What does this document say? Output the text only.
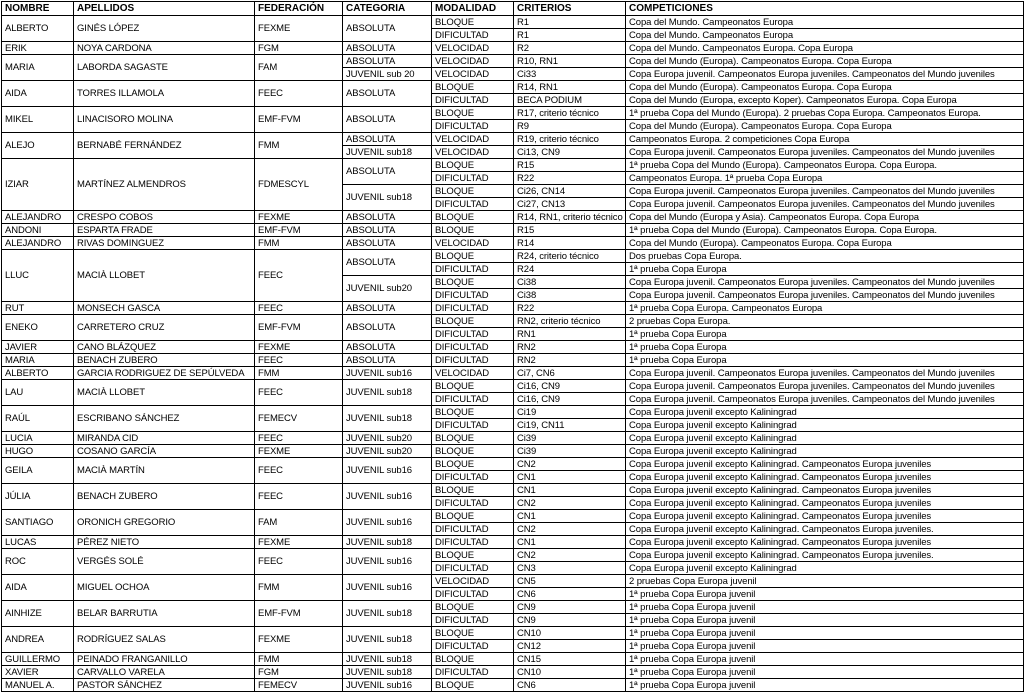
NOMBRE	APELLIDOS	FEDERACIÓN	CATEGORIA	MODALIDAD	CRITERIOS	COMPETICIONES
ALBERTO	GINÉS LÓPEZ	FEXME	ABSOLUTA	BLOQUE	R1	Copa del Mundo. Campeonatos Europa
				DIFICULTAD	R1	Copa del Mundo. Campeonatos Europa
ERIK	NOYA CARDONA	FGM	ABSOLUTA	VELOCIDAD	R2	Copa del Mundo. Campeonatos Europa. Copa Europa
MARIA	LABORDA SAGASTE	FAM	ABSOLUTA	VELOCIDAD	R10, RN1	Copa del Mundo (Europa). Campeonatos Europa. Copa Europa
			JUVENIL sub 20	VELOCIDAD	Ci33	Copa Europa juvenil. Campeonatos Europa juveniles. Campeonatos del Mundo juveniles
AIDA	TORRES ILLAMOLA	FEEC	ABSOLUTA	BLOQUE	R14, RN1	Copa del Mundo (Europa). Campeonatos Europa. Copa Europa
				DIFICULTAD	BECA PODIUM	Copa del Mundo (Europa, excepto Koper). Campeonatos Europa. Copa Europa
MIKEL	LINACISORO MOLINA	EMF-FVM	ABSOLUTA	BLOQUE	R17, criterio técnico	1ª prueba Copa del Mundo (Europa). 2 pruebas Copa Europa. Campeonatos Europa.
				DIFICULTAD	R9	Copa del Mundo (Europa). Campeonatos Europa. Copa Europa
ALEJO	BERNABÉ FERNÁNDEZ	FMM	ABSOLUTA	VELOCIDAD	R19, criterio técnico	Campeonatos Europa. 2 competiciones Copa Europa
			JUVENIL sub18	VELOCIDAD	Ci13, CN9	Copa Europa juvenil. Campeonatos Europa juveniles. Campeonatos del Mundo juveniles
IZIAR	MARTÍNEZ ALMENDROS	FDMESCYL	ABSOLUTA	BLOQUE	R15	1ª prueba Copa del Mundo (Europa). Campeonatos Europa. Copa Europa.
				DIFICULTAD	R22	Campeonatos Europa. 1ª prueba Copa Europa
			JUVENIL sub18	BLOQUE	Ci26, CN14	Copa Europa juvenil. Campeonatos Europa juveniles. Campeonatos del Mundo juveniles
				DIFICULTAD	Ci27, CN13	Copa Europa juvenil. Campeonatos Europa juveniles. Campeonatos del Mundo juveniles
ALEJANDRO	CRESPO COBOS	FEXME	ABSOLUTA	BLOQUE	R14, RN1, criterio técnico	Copa del Mundo (Europa y Asia). Campeonatos Europa. Copa Europa
ANDONI	ESPARTA FRADE	EMF-FVM	ABSOLUTA	BLOQUE	R15	1ª prueba Copa del Mundo (Europa). Campeonatos Europa. Copa Europa.
ALEJANDRO	RIVAS DOMINGUEZ	FMM	ABSOLUTA	VELOCIDAD	R14	Copa del Mundo (Europa). Campeonatos Europa. Copa Europa
LLUC	MACIÀ LLOBET	FEEC	ABSOLUTA	BLOQUE	R24, criterio técnico	Dos pruebas Copa Europa.
				DIFICULTAD	R24	1ª prueba Copa Europa
			JUVENIL sub20	BLOQUE	Ci38	Copa Europa juvenil. Campeonatos Europa juveniles. Campeonatos del Mundo juveniles
				DIFICULTAD	Ci38	Copa Europa juvenil. Campeonatos Europa juveniles. Campeonatos del Mundo juveniles
RUT	MONSECH GASCA	FEEC	ABSOLUTA	DIFICULTAD	R22	1ª prueba Copa Europa. Campeonatos Europa
ENEKO	CARRETERO CRUZ	EMF-FVM	ABSOLUTA	BLOQUE	RN2, criterio técnico	2 pruebas Copa Europa.
				DIFICULTAD	RN1	1ª prueba Copa Europa
JAVIER	CANO BLÁZQUEZ	FEXME	ABSOLUTA	DIFICULTAD	RN2	1ª prueba Copa Europa
MARIA	BENACH ZUBERO	FEEC	ABSOLUTA	DIFICULTAD	RN2	1ª prueba Copa Europa
ALBERTO	GARCIA RODRIGUEZ DE SEPÚLVEDA	FMM	JUVENIL sub16	VELOCIDAD	Ci7, CN6	Copa Europa juvenil. Campeonatos Europa juveniles. Campeonatos del Mundo juveniles
LAU	MACIÀ LLOBET	FEEC	JUVENIL sub18	BLOQUE	Ci16, CN9	Copa Europa juvenil. Campeonatos Europa juveniles. Campeonatos del Mundo juveniles
				DIFICULTAD	Ci16, CN9	Copa Europa juvenil. Campeonatos Europa juveniles. Campeonatos del Mundo juveniles
RAÚL	ESCRIBANO SÁNCHEZ	FEMECV	JUVENIL sub18	BLOQUE	Ci19	Copa Europa juvenil excepto Kaliningrad
				DIFICULTAD	Ci19, CN11	Copa Europa juvenil excepto Kaliningrad
LUCIA	MIRANDA CID	FEEC	JUVENIL sub20	BLOQUE	Ci39	Copa Europa juvenil excepto Kaliningrad
HUGO	COSANO GARCÍA	FEXME	JUVENIL sub20	BLOQUE	Ci39	Copa Europa juvenil excepto Kaliningrad
GEILA	MACIÀ MARTÍN	FEEC	JUVENIL sub16	BLOQUE	CN2	Copa Europa juvenil excepto Kaliningrad. Campeonatos Europa juveniles
				DIFICULTAD	CN1	Copa Europa juvenil excepto Kaliningrad. Campeonatos Europa juveniles
JÚLIA	BENACH ZUBERO	FEEC	JUVENIL sub16	BLOQUE	CN1	Copa Europa juvenil excepto Kaliningrad. Campeonatos Europa juveniles
				DIFICULTAD	CN2	Copa Europa juvenil excepto Kaliningrad. Campeonatos Europa juveniles
SANTIAGO	ORONICH GREGORIO	FAM	JUVENIL sub16	BLOQUE	CN1	Copa Europa juvenil excepto Kaliningrad. Campeonatos Europa juveniles
				DIFICULTAD	CN2	Copa Europa juvenil excepto Kaliningrad. Campeonatos Europa juveniles.
LUCAS	PÉREZ NIETO	FEXME	JUVENIL sub18	DIFICULTAD	CN1	Copa Europa juvenil excepto Kaliningrad. Campeonatos Europa juveniles
ROC	VERGÉS SOLÉ	FEEC	JUVENIL sub16	BLOQUE	CN2	Copa Europa juvenil excepto Kaliningrad. Campeonatos Europa juveniles.
				DIFICULTAD	CN3	Copa Europa juvenil excepto Kaliningrad
AIDA	MIGUEL OCHOA	FMM	JUVENIL sub16	VELOCIDAD	CN5	2 pruebas Copa Europa juvenil
				DIFICULTAD	CN6	1ª prueba Copa Europa juvenil
AINHIZE	BELAR BARRUTIA	EMF-FVM	JUVENIL sub18	BLOQUE	CN9	1ª prueba Copa Europa juvenil
				DIFICULTAD	CN9	1ª prueba Copa Europa juvenil
ANDREA	RODRÍGUEZ SALAS	FEXME	JUVENIL sub18	BLOQUE	CN10	1ª prueba Copa Europa juvenil
				DIFICULTAD	CN12	1ª prueba Copa Europa juvenil
GUILLERMO	PEINADO FRANGANILLO	FMM	JUVENIL sub18	BLOQUE	CN15	1ª prueba Copa Europa juvenil
XAVIER	CARVALLO VARELA	FGM	JUVENIL sub18	DIFICULTAD	CN10	1ª prueba Copa Europa juvenil
MANUEL A.	PASTOR SÁNCHEZ	FEMECV	JUVENIL sub16	BLOQUE	CN6	1ª prueba Copa Europa juvenil
